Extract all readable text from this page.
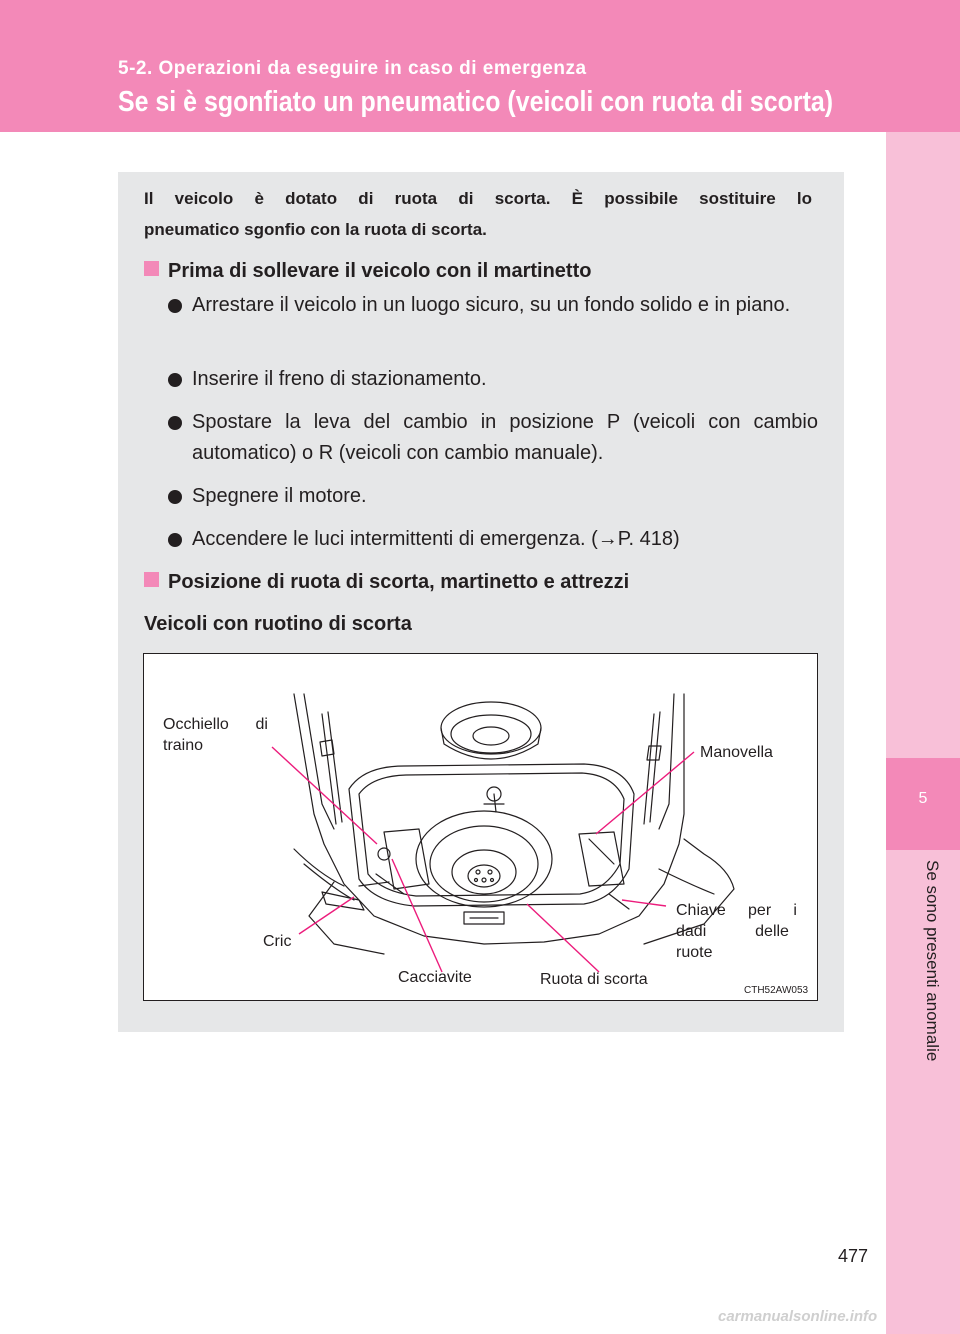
5-2. Operazioni da eseguire in caso di emergenza
Se si è sgonfiato un pneumatico (veicoli con ruota di scorta)
5
Se sono presenti anomalie
Il veicolo è dotato di ruota di scorta. È possibile sostituire lo
pneumatico sgonfio con la ruota di scorta.
Prima di sollevare il veicolo con il martinetto
Arrestare il veicolo in un luogo sicuro, su un fondo solido e in piano.
Inserire il freno di stazionamento.
Spostare la leva del cambio in posizione P (veicoli con cambio automatico) o R (veicoli con cambio manuale).
Spegnere il motore.
Accendere le luci intermittenti di emergenza. (→P. 418)
Posizione di ruota di scorta, martinetto e attrezzi
Veicoli con ruotino di scorta
Occhiello      di
traino	Manovella
Chiave     per     i
dadi           delle
ruote
Cric
Cacciavite	Ruota di scorta
CTH52AW053
477
carmanualsonline.info
